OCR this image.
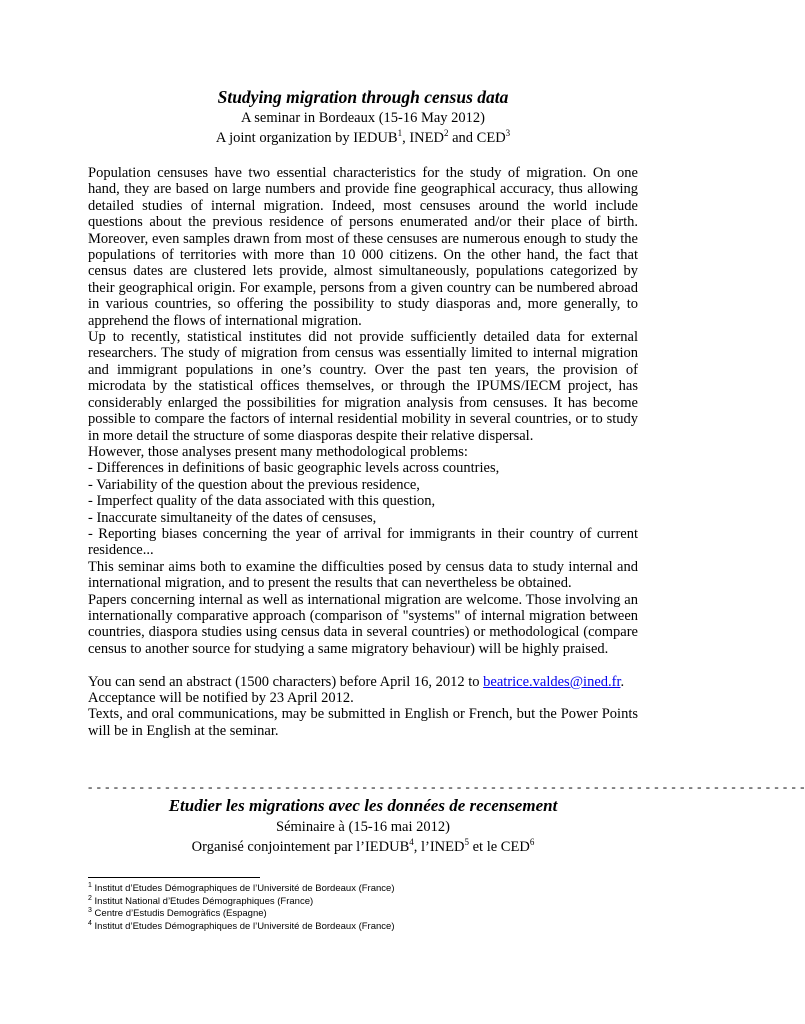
Studying migration through census data

A seminar in Bordeaux (15-16 May 2012)

A joint organization by IEDUB$^1$, INED$^2$ and CED$^3$

Population censuses have two essential characteristics for the study of migration. On one hand, they are based on large numbers and provide fine geographical accuracy, thus allowing detailed studies of internal migration. Indeed, most censuses around the world include questions about the previous residence of persons enumerated and/or their place of birth. Moreover, even samples drawn from most of these censuses are numerous enough to study the populations of territories with more than 10 000 citizens. On the other hand, the fact that census dates are clustered lets provide, almost simultaneously, populations categorized by their geographical origin. For example, persons from a given country can be numbered abroad in various countries, so offering the possibility to study diasporas and, more generally, to apprehend the flows of international migration.

Up to recently, statistical institutes did not provide sufficiently detailed data for external researchers. The study of migration from census was essentially limited to internal migration and immigrant populations in one’s country. Over the past ten years, the provision of microdata by the statistical offices themselves, or through the IPUMS/IECM project, has considerably enlarged the possibilities for migration analysis from censuses. It has become possible to compare the factors of internal residential mobility in several countries, or to study in more detail the structure of some diasporas despite their relative dispersal.

However, those analyses present many methodological problems:

- Differences in definitions of basic geographic levels across countries,

- Variability of the question about the previous residence,

- Imperfect quality of the data associated with this question,

- Inaccurate simultaneity of the dates of censuses,

- Reporting biases concerning the year of arrival for immigrants in their country of current residence...

This seminar aims both to examine the difficulties posed by census data to study internal and international migration, and to present the results that can nevertheless be obtained.

Papers concerning internal as well as international migration are welcome. Those involving an internationally comparative approach (comparison of "systems" of internal migration between countries, diaspora studies using census data in several countries) or methodological (compare census to another source for studying a same migratory behaviour) will be highly praised.

You can send an abstract (1500 characters) before April 16, 2012 to beatrice.valdes@ined.fr.

Acceptance will be notified by 23 April 2012.

Texts, and oral communications, may be submitted in English or French, but the Power Points will be in English at the seminar.

- - - - - - - - - - - - - - - - - - - - - - - - - - - - - - - - - - - - - - - - - - - - - - - - - - - - - - - - - - - - - - - - - - - - - - - - - - - - - - - - - - - -

Etudier les migrations avec les données de recensement

Séminaire à (15-16 mai 2012)

Organisé conjointement par l’IEDUB$^4$, l’INED$^5$ et le CED$^6$

$^1$ Institut d’Etudes Démographiques de l’Université de Bordeaux (France)
$^2$ Institut National d’Etudes Démographiques (France)
$^3$ Centre d’Estudis Demogràfics (Espagne)
$^4$ Institut d’Etudes Démographiques de l’Université de Bordeaux (France)
